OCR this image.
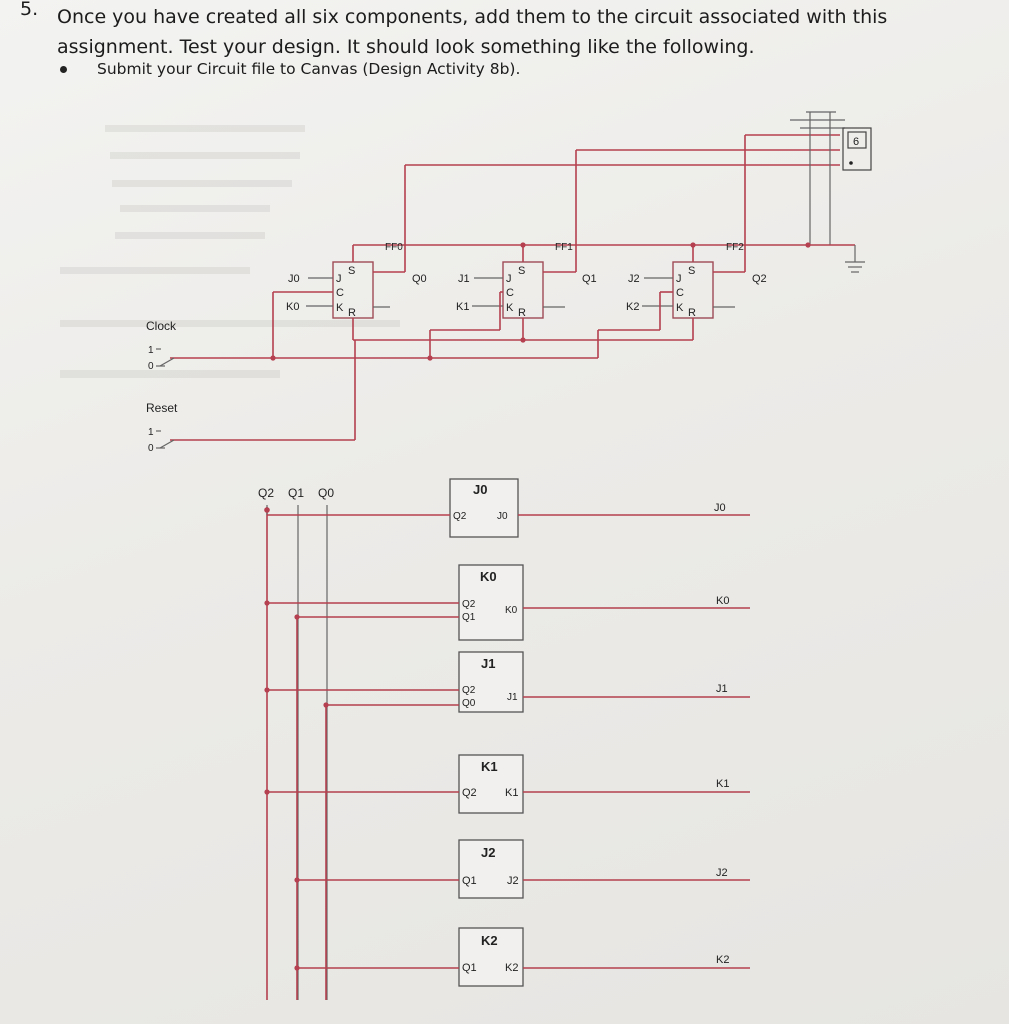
5. Once you have created all six components, add them to the circuit associated with this
assignment. Test your design. It should look something like the following.
Submit your Circuit file to Canvas (Design Activity 8b).
6
FF0	FF1	FF2
S
J
C
K R
J0
K0
Q0
S
J
C
K R
J1
K1
Q1
S
J
C
K R
J2
K2
Q2
Clock
1
0
Reset
1
0
Q2 Q1 Q0	J0
Q2	J0
J0
K0
Q2
Q1
K0
K0
J1
Q2
Q0
J1
J1
K1
Q2	K1
K1
J2
Q1	J2
J2
K2
Q1	K2
K2
